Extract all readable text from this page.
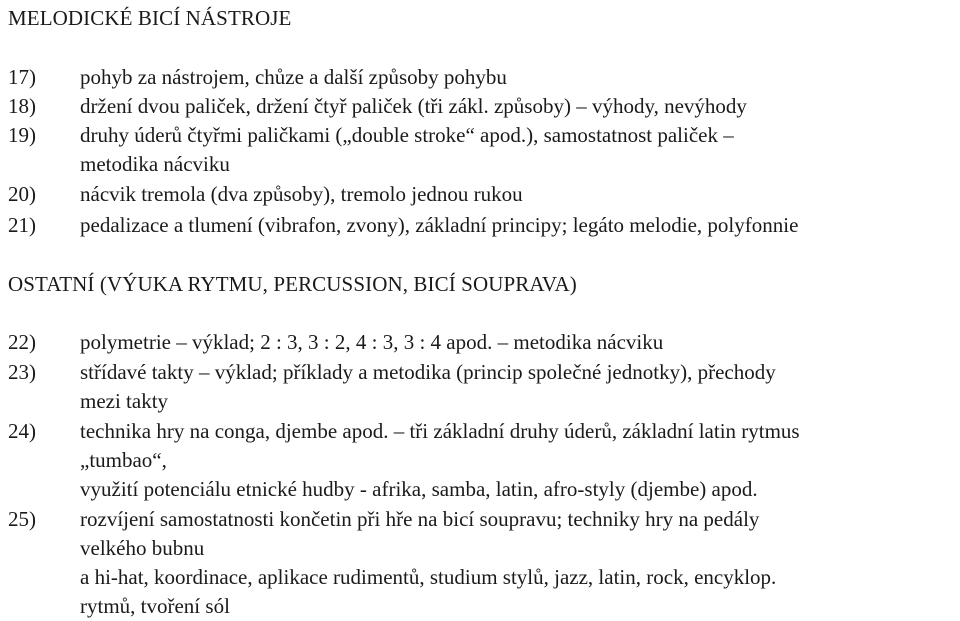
MELODICKÉ BICÍ NÁSTROJE
17) pohyb za nástrojem, chůze a další způsoby pohybu
18) držení dvou paliček, držení čtyř paliček (tři zákl. způsoby) – výhody, nevýhody
19) druhy úderů čtyřmi paličkami („double stroke“ apod.), samostatnost paliček –
metodika nácviku
20) nácvik tremola (dva způsoby), tremolo jednou rukou
21) pedalizace a tlumení (vibrafon, zvony), základní principy; legáto melodie, polyfonnie
OSTATNÍ (VÝUKA RYTMU, PERCUSSION, BICÍ SOUPRAVA)
22) polymetrie – výklad; 2 : 3, 3 : 2, 4 : 3, 3 : 4 apod. – metodika nácviku
23) střídavé takty – výklad; příklady a metodika (princip společné jednotky), přechody
mezi takty
24) technika hry na conga, djembe apod. – tři základní druhy úderů, základní latin rytmus
„tumbao“,
využití potenciálu etnické hudby - afrika, samba, latin, afro-styly (djembe) apod.
25) rozvíjení samostatnosti končetin při hře na bicí soupravu; techniky hry na pedály
velkého bubnu
a hi-hat, koordinace, aplikace rudimentů, studium stylů, jazz, latin, rock, encyklop.
rytmů, tvoření sól
